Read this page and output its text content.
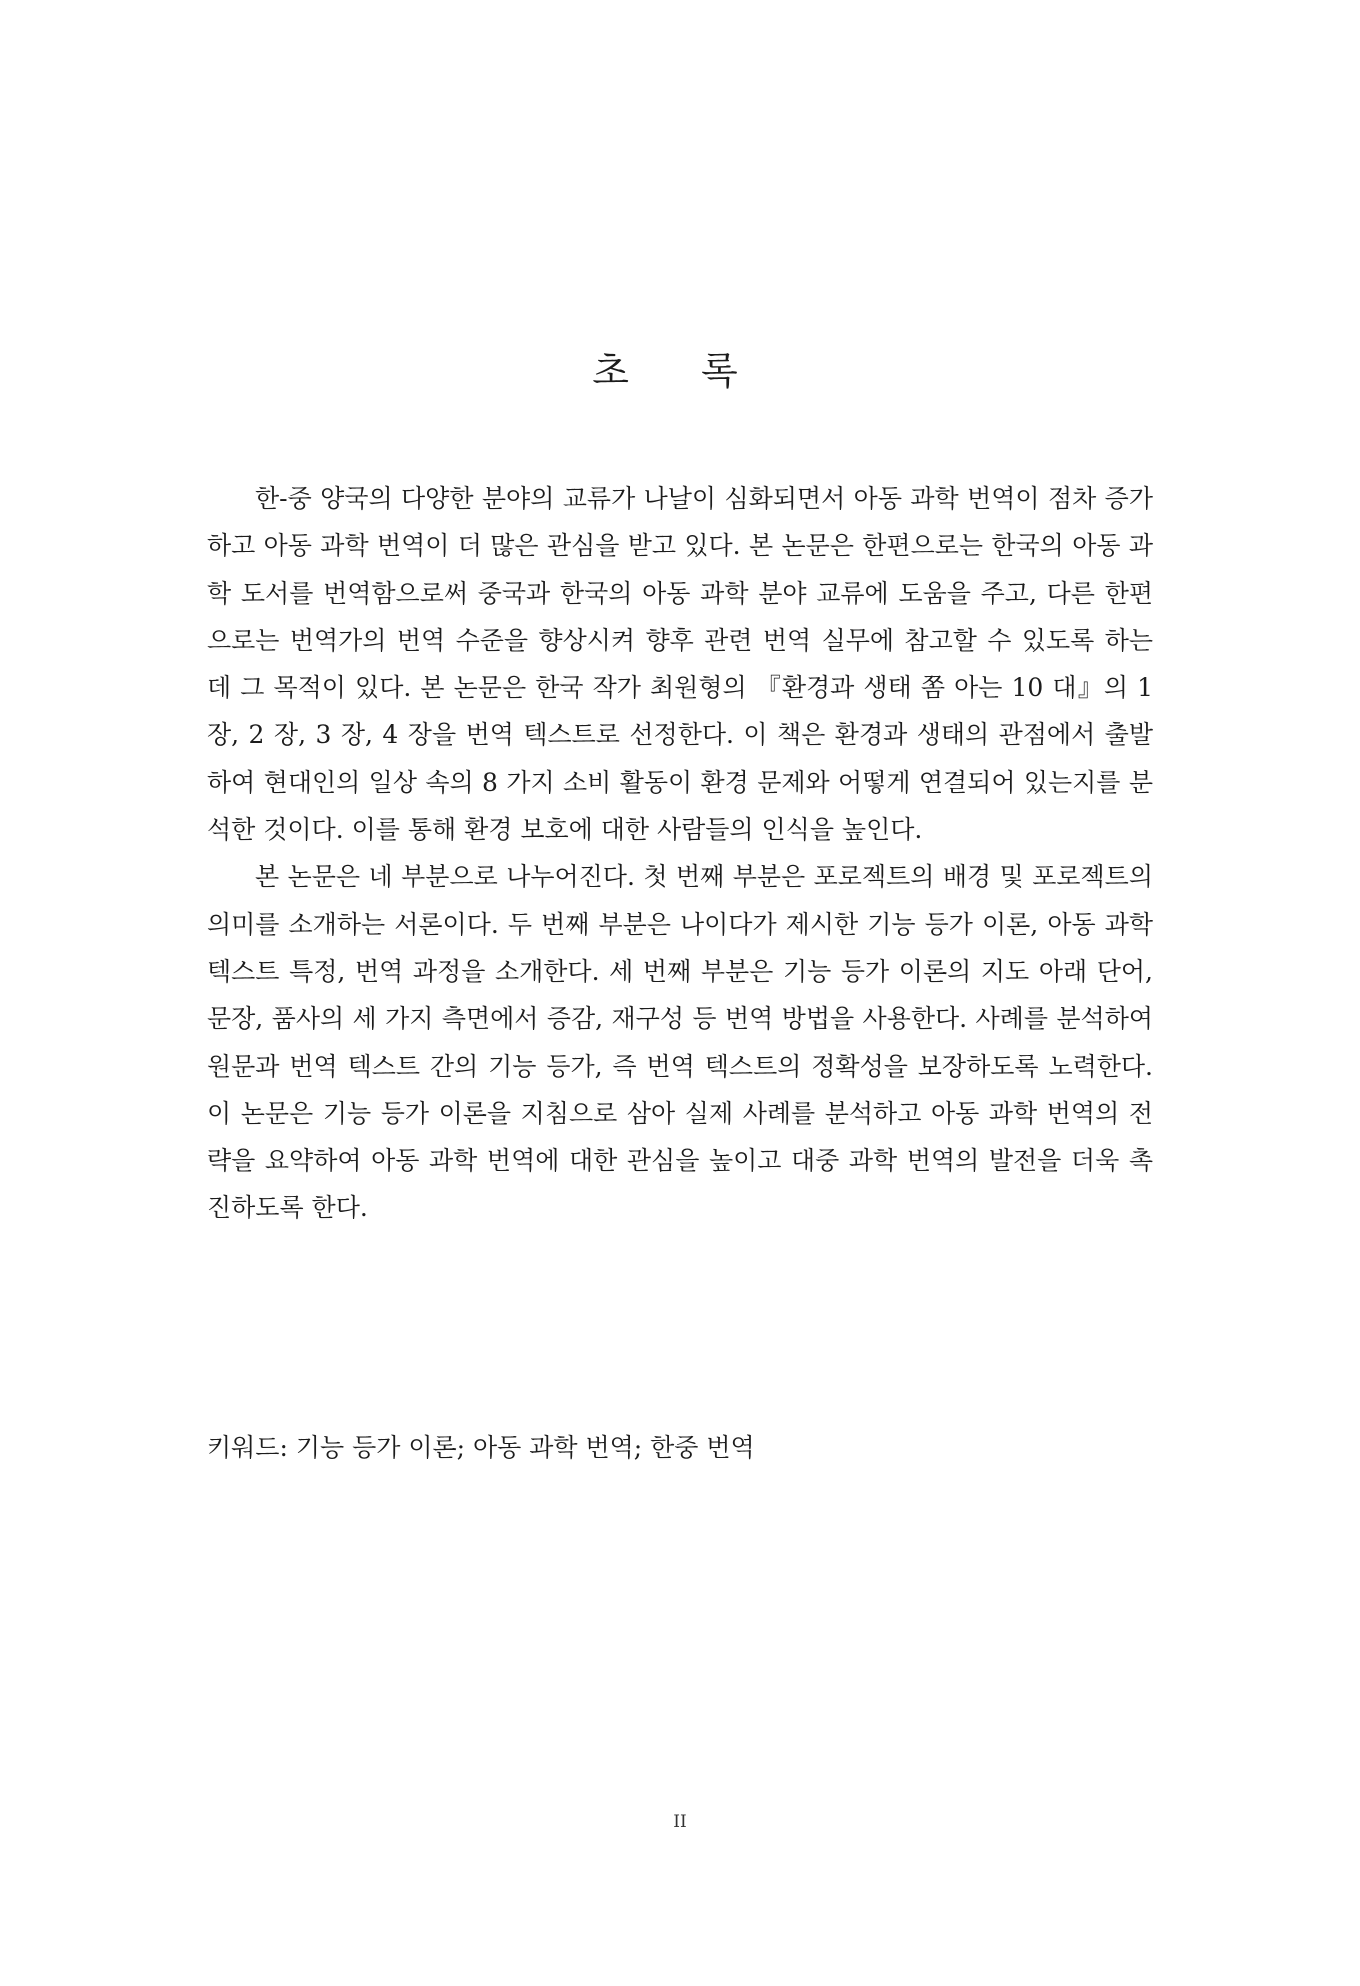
초 록

한-중 양국의 다양한 분야의 교류가 나날이 심화되면서 아동 과학 번역이 점차 증가하고 아동 과학 번역이 더 많은 관심을 받고 있다. 본 논문은 한편으로는 한국의 아동 과학 도서를 번역함으로써 중국과 한국의 아동 과학 분야 교류에 도움을 주고, 다른 한편으로는 번역가의 번역 수준을 향상시켜 향후 관련 번역 실무에 참고할 수 있도록 하는 데 그 목적이 있다. 본 논문은 한국 작가 최원형의 『환경과 생태 쫌 아는 10 대』의 1 장, 2 장, 3 장, 4 장을 번역 텍스트로 선정한다. 이 책은 환경과 생태의 관점에서 출발하여 현대인의 일상 속의 8 가지 소비 활동이 환경 문제와 어떻게 연결되어 있는지를 분석한 것이다. 이를 통해 환경 보호에 대한 사람들의 인식을 높인다.

본 논문은 네 부분으로 나누어진다. 첫 번째 부분은 포로젝트의 배경 및 포로젝트의 의미를 소개하는 서론이다. 두 번째 부분은 나이다가 제시한 기능 등가 이론, 아동 과학 텍스트 특정, 번역 과정을 소개한다. 세 번째 부분은 기능 등가 이론의 지도 아래 단어, 문장, 품사의 세 가지 측면에서 증감, 재구성 등 번역 방법을 사용한다. 사례를 분석하여 원문과 번역 텍스트 간의 기능 등가, 즉 번역 텍스트의 정확성을 보장하도록 노력한다. 이 논문은 기능 등가 이론을 지침으로 삼아 실제 사례를 분석하고 아동 과학 번역의 전략을 요약하여 아동 과학 번역에 대한 관심을 높이고 대중 과학 번역의 발전을 더욱 촉진하도록 한다.

키워드: 기능 등가 이론; 아동 과학 번역; 한중 번역
II
